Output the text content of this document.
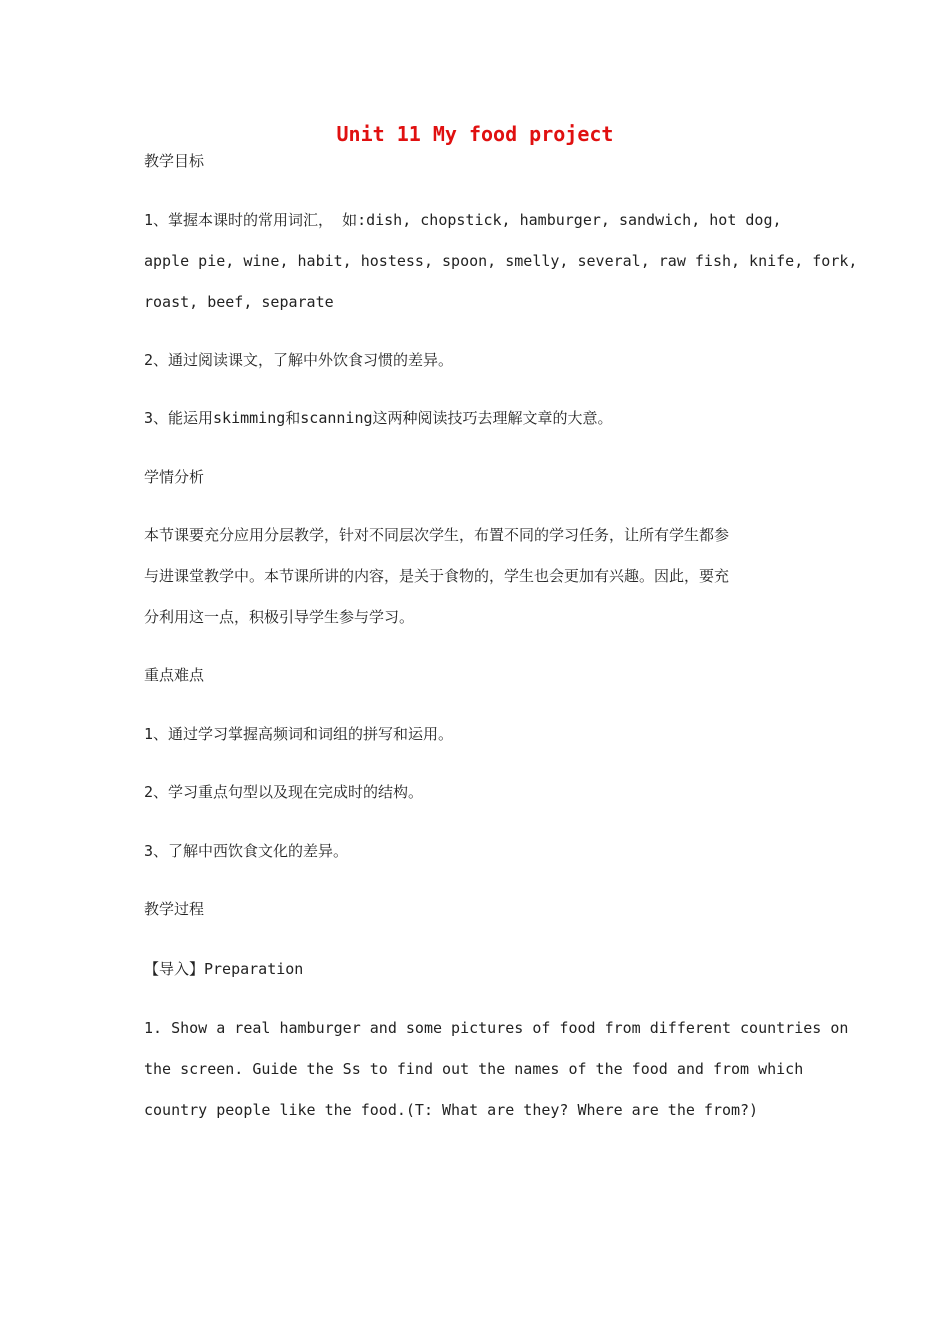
Unit 11 My food project

教学目标

1、掌握本课时的常用词汇， 如:dish, chopstick, hamburger, sandwich, hot dog,

apple pie, wine, habit, hostess, spoon, smelly, several, raw fish, knife, fork,

roast, beef, separate

2、通过阅读课文，了解中外饮食习惯的差异。

3、能运用skimming和scanning这两种阅读技巧去理解文章的大意。

学情分析

本节课要充分应用分层教学，针对不同层次学生，布置不同的学习任务，让所有学生都参

与进课堂教学中。本节课所讲的内容，是关于食物的，学生也会更加有兴趣。因此，要充

分利用这一点，积极引导学生参与学习。

重点难点

1、通过学习掌握高频词和词组的拼写和运用。

2、学习重点句型以及现在完成时的结构。

3、了解中西饮食文化的差异。

教学过程

【导入】Preparation

1. Show a real hamburger and some pictures of food from different countries on

the screen. Guide the Ss to find out the names of the food and from which

country people like the food.(T: What are they? Where are the from?)
